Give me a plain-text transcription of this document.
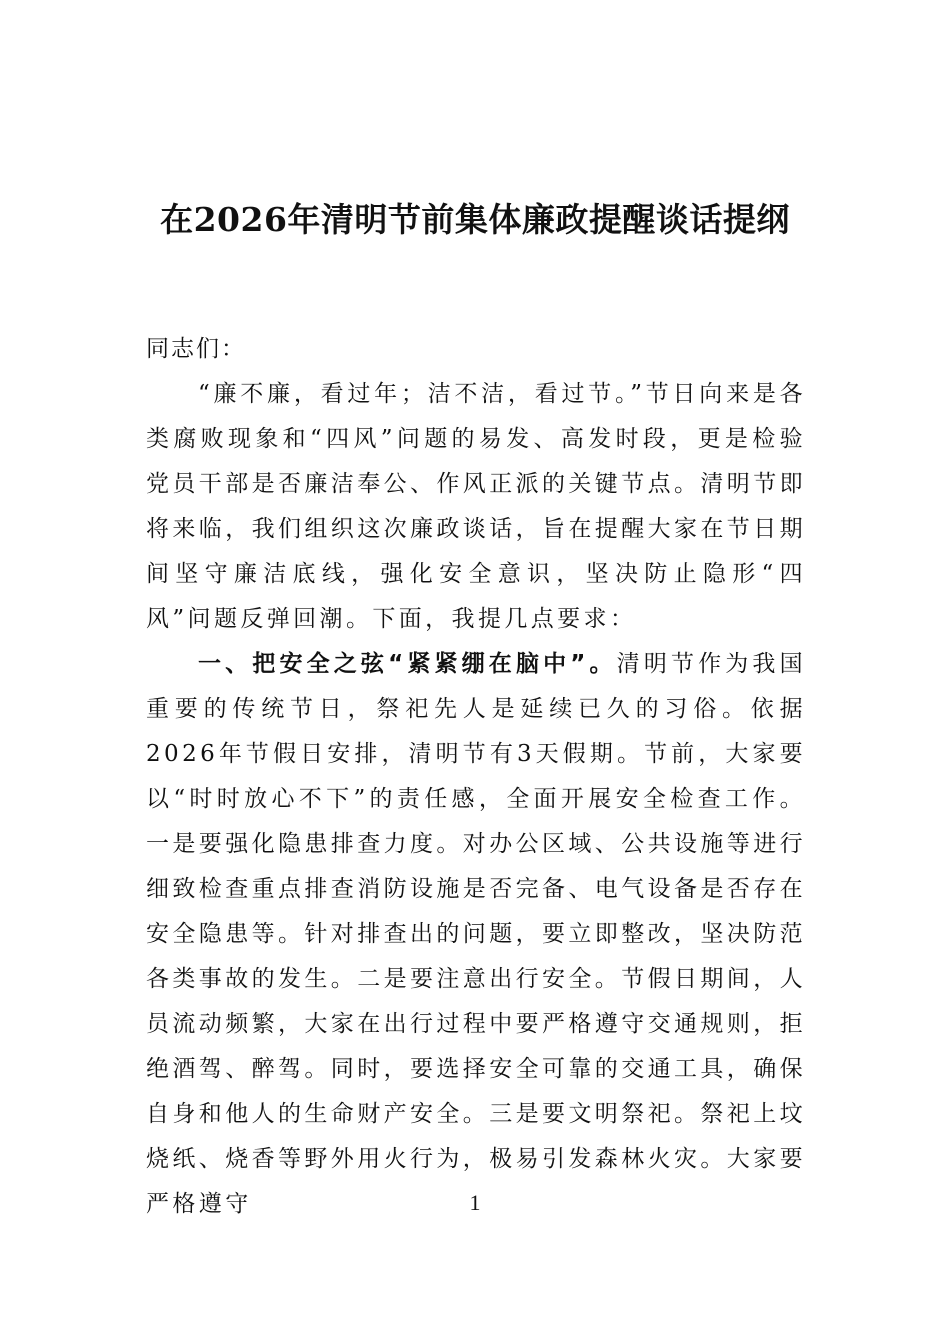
在2026年清明节前集体廉政提醒谈话提纲

同志们：

“廉不廉，看过年；洁不洁，看过节。”节日向来是各类腐败现象和“四风”问题的易发、高发时段，更是检验党员干部是否廉洁奉公、作风正派的关键节点。清明节即将来临，我们组织这次廉政谈话，旨在提醒大家在节日期间坚守廉洁底线，强化安全意识，坚决防止隐形“四风”问题反弹回潮。下面，我提几点要求：

一、把安全之弦“紧紧绷在脑中”。清明节作为我国重要的传统节日，祭祀先人是延续已久的习俗。依据2026年节假日安排，清明节有3天假期。节前，大家要以“时时放心不下”的责任感，全面开展安全检查工作。一是要强化隐患排查力度。对办公区域、公共设施等进行细致检查重点排查消防设施是否完备、电气设备是否存在安全隐患等。针对排查出的问题，要立即整改，坚决防范各类事故的发生。二是要注意出行安全。节假日期间，人员流动频繁，大家在出行过程中要严格遵守交通规则，拒绝酒驾、醉驾。同时，要选择安全可靠的交通工具，确保自身和他人的生命财产安全。三是要文明祭祀。祭祀上坟烧纸、烧香等野外用火行为，极易引发森林火灾。大家要严格遵守	1
